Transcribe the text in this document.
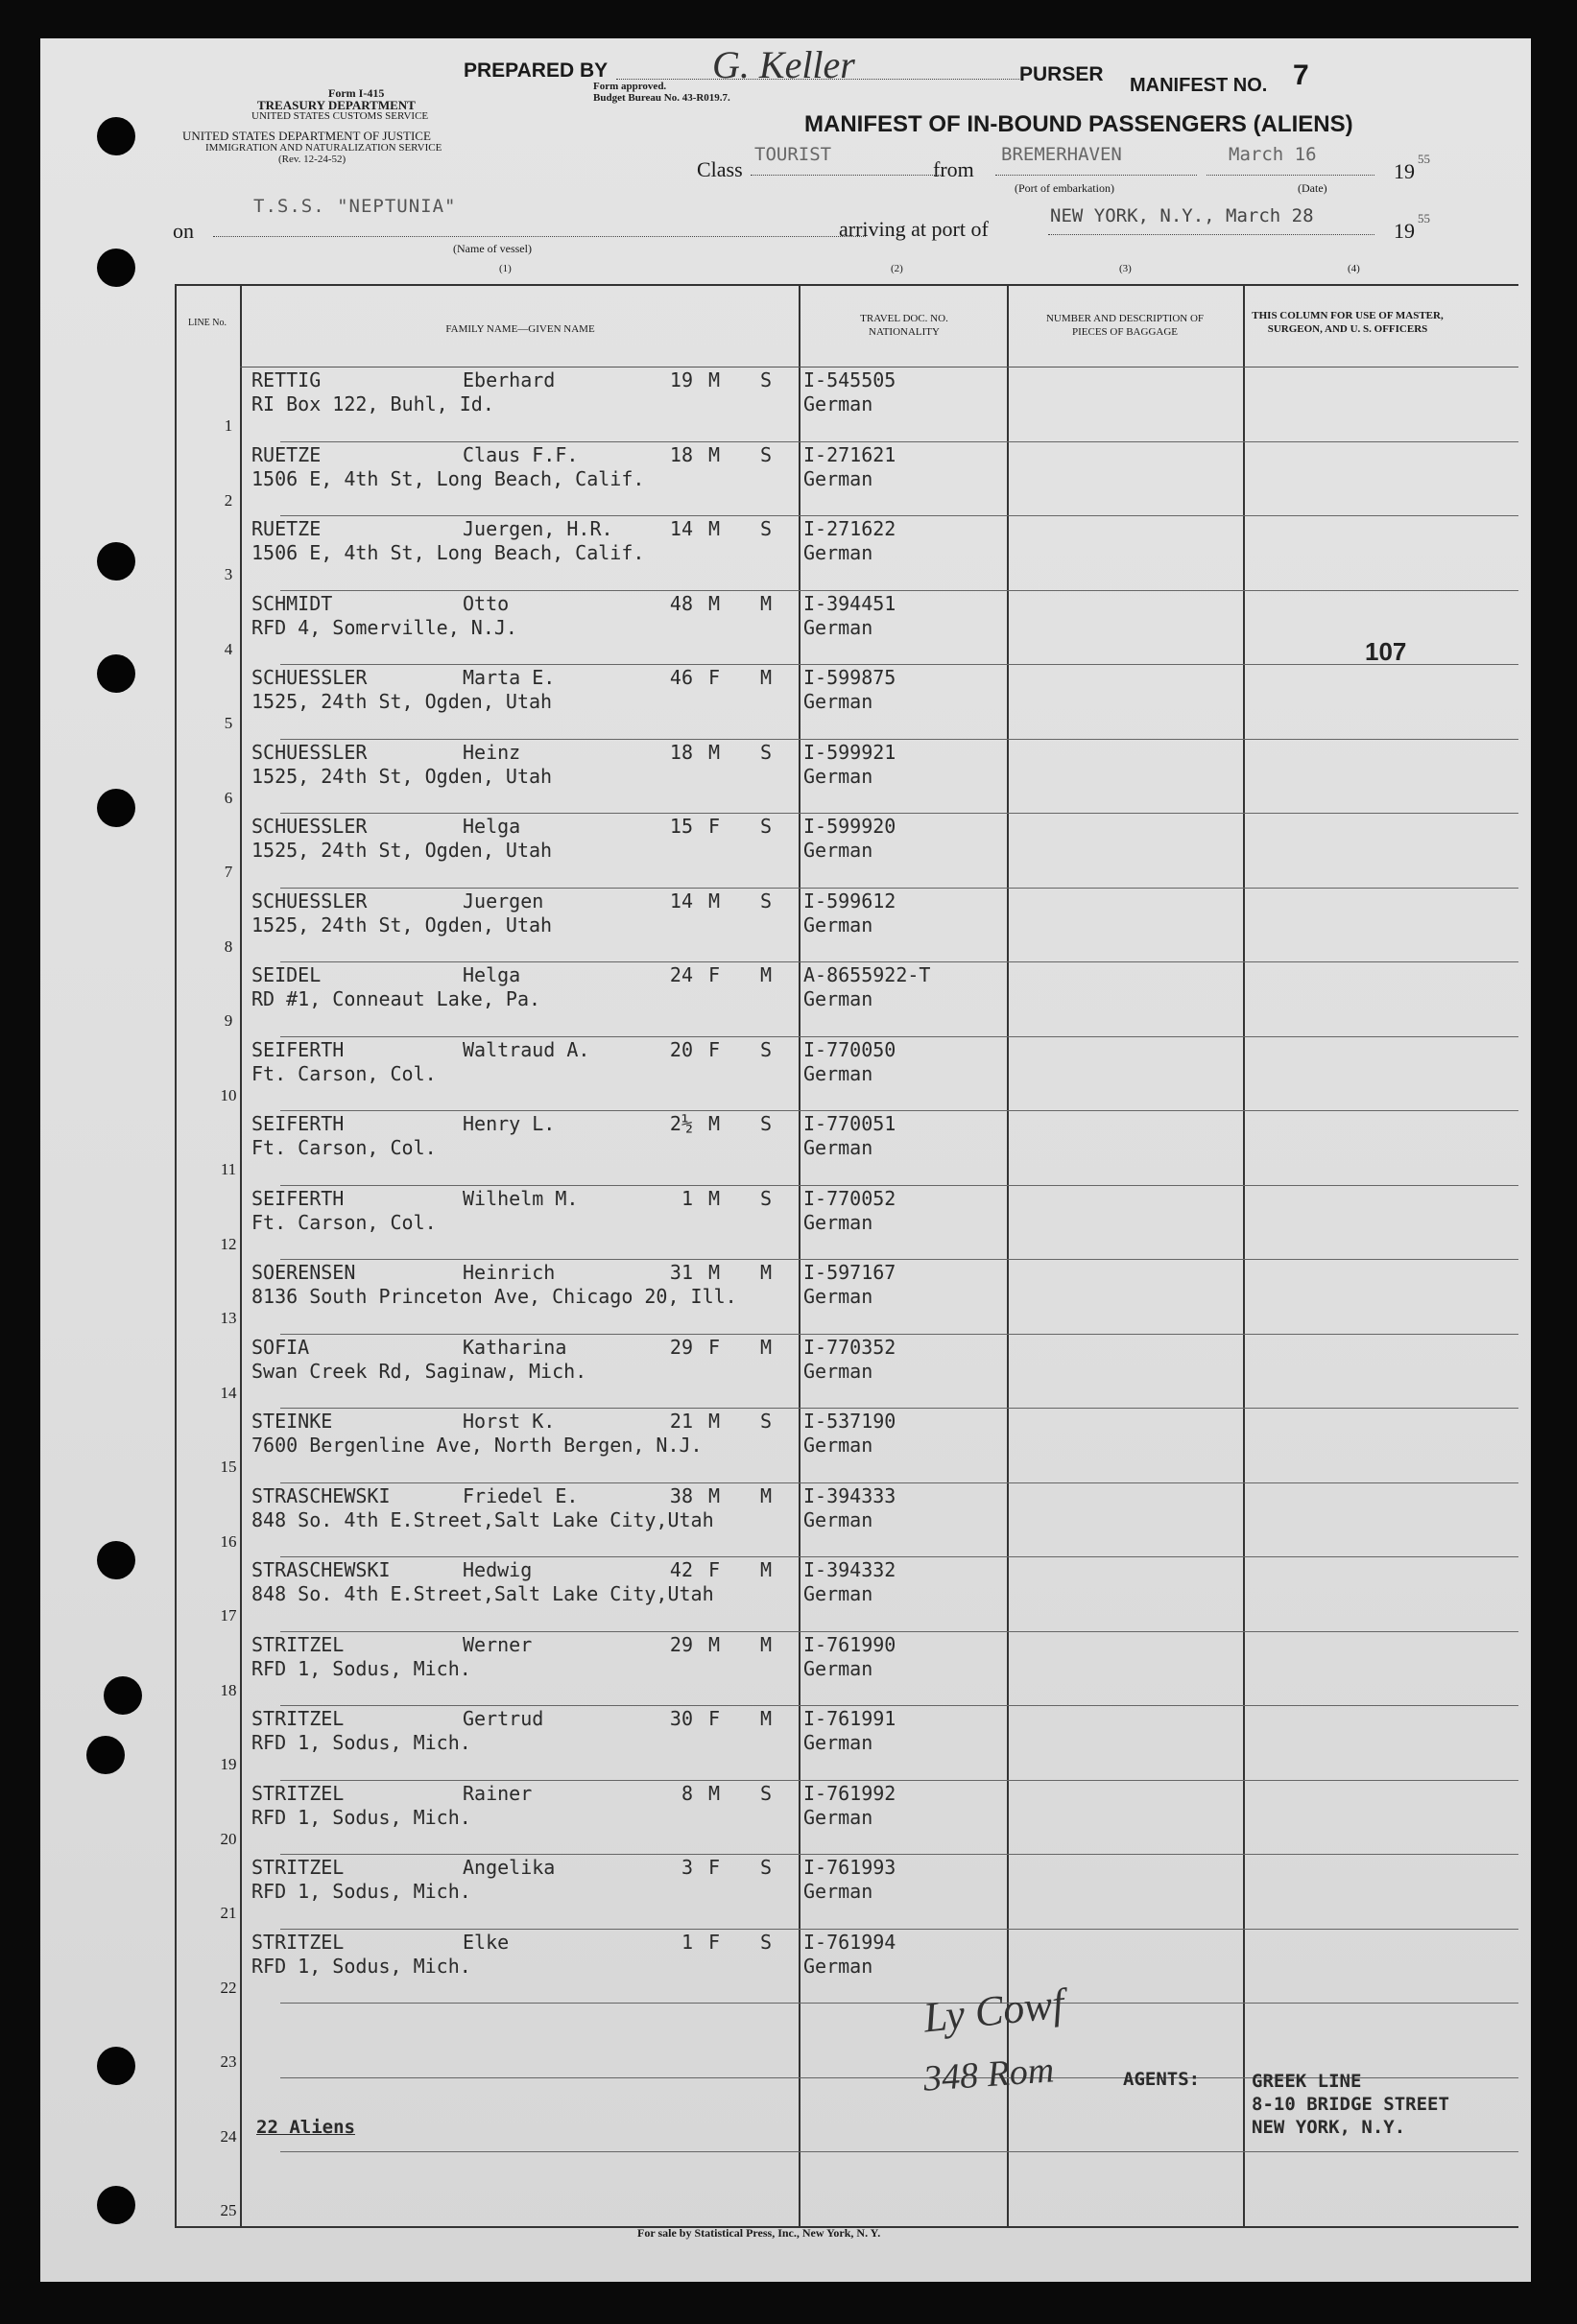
PREPARED BY	G. Keller	PURSER MANIFEST NO. 7
Form I-415	Form approved.
Budget Bureau No. 43-R019.7.
TREASURY DEPARTMENT
UNITED STATES CUSTOMS SERVICE
UNITED STATES DEPARTMENT OF JUSTICE
IMMIGRATION AND NATURALIZATION SERVICE
(Rev. 12-24-52)
MANIFEST OF IN-BOUND PASSENGERS (ALIENS)
Class
TOURIST
from
BREMERHAVEN
(Port of embarkation)
March 16
(Date)
19
55
on
T.S.S. "NEPTUNIA"
(Name of vessel)
arriving at port of
NEW YORK, N.Y., March 28
19
55
(1)	(2)	(3)	(4)
LINE No.
FAMILY NAME—GIVEN NAME
TRAVEL DOC. NO. NATIONALITY
NUMBER AND DESCRIPTION OF PIECES OF BAGGAGE
THIS COLUMN FOR USE OF MASTER, SURGEON, AND U. S. OFFICERS
1
RETTIG	Eberhard	19 M S
RI Box 122, Buhl, Id.
I-545505
German
2
RUETZE	Claus F.F.	18 M S
1506 E, 4th St, Long Beach, Calif.
I-271621
German
3
RUETZE	Juergen, H.R.	14 M S
1506 E, 4th St, Long Beach, Calif.
I-271622
German
4
SCHMIDT	Otto	48 M M
RFD 4, Somerville, N.J.
I-394451
German
5
SCHUESSLER	Marta E.	46 F M
1525, 24th St, Ogden, Utah
I-599875
German
6
SCHUESSLER	Heinz	18 M S
1525, 24th St, Ogden, Utah
I-599921
German
7
SCHUESSLER	Helga	15 F S
1525, 24th St, Ogden, Utah
I-599920
German
8
SCHUESSLER	Juergen	14 M S
1525, 24th St, Ogden, Utah
I-599612
German
9
SEIDEL	Helga	24 F M
RD #1, Conneaut Lake, Pa.
A-8655922-T
German
10
SEIFERTH	Waltraud A.	20 F S
Ft. Carson, Col.
I-770050
German
11
SEIFERTH	Henry L.	2½ M S
Ft. Carson, Col.
I-770051
German
12
SEIFERTH	Wilhelm M.	1 M S
Ft. Carson, Col.
I-770052
German
13
SOERENSEN	Heinrich	31 M M
8136 South Princeton Ave, Chicago 20, Ill.
I-597167
German
14
SOFIA	Katharina	29 F M
Swan Creek Rd, Saginaw, Mich.
I-770352
German
15
STEINKE	Horst K.	21 M S
7600 Bergenline Ave, North Bergen, N.J.
I-537190
German
16
STRASCHEWSKI	Friedel E.	38 M M
848 So. 4th E.Street,Salt Lake City,Utah
I-394333
German
17
STRASCHEWSKI	Hedwig	42 F M
848 So. 4th E.Street,Salt Lake City,Utah
I-394332
German
18
STRITZEL	Werner	29 M M
RFD 1, Sodus, Mich.
I-761990
German
19
STRITZEL	Gertrud	30 F M
RFD 1, Sodus, Mich.
I-761991
German
20
STRITZEL	Rainer	8 M S
RFD 1, Sodus, Mich.
I-761992
German
21
STRITZEL	Angelika	3 F S
RFD 1, Sodus, Mich.
I-761993
German
22
STRITZEL	Elke	1 F S
RFD 1, Sodus, Mich.
I-761994
German
23
24
25
107
22 Aliens
Ly Cowf
348 Rom	AGENTS:	GREEK LINE
8-10 BRIDGE STREET
NEW YORK, N.Y.
For sale by Statistical Press, Inc., New York, N. Y.
